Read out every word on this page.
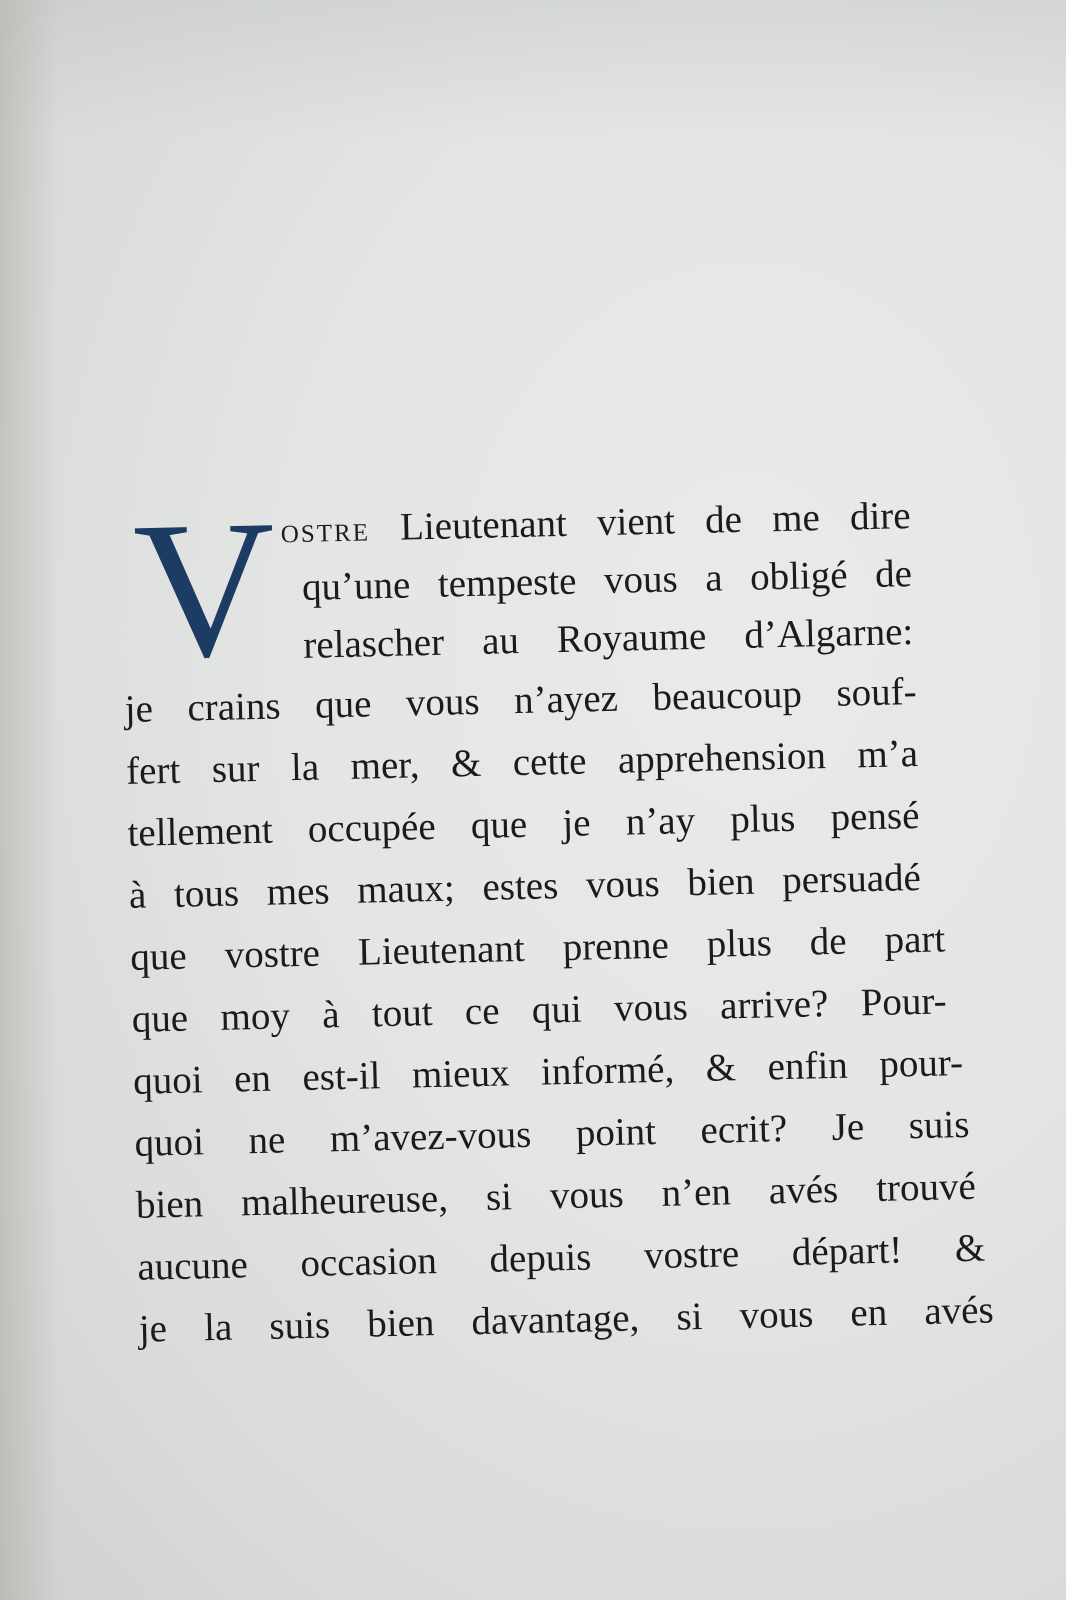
V OSTRE Lieutenant vient de me dire
qu’une tempeste vous a obligé de
relascher au Royaume d’Algarne:
je crains que vous n’ayez beaucoup souf-
fert sur la mer, & cette apprehension m’a
tellement occupée que je n’ay plus pensé
à tous mes maux; estes vous bien persuadé
que vostre Lieutenant prenne plus de part
que moy à tout ce qui vous arrive? Pour-
quoi en est-il mieux informé, & enfin pour-
quoi ne m’avez-vous point ecrit? Je suis
bien malheureuse, si vous n’en avés trouvé
aucune occasion depuis vostre départ! &
je la suis bien davantage, si vous en avés
